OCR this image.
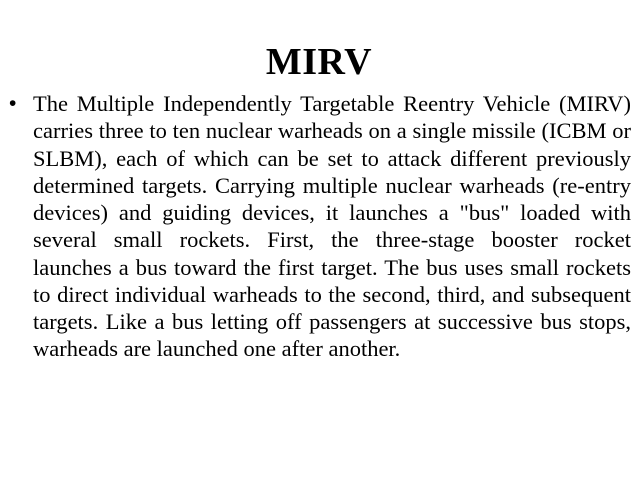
MIRV
• The Multiple Independently Targetable Reentry Vehicle (MIRV) carries three to ten nuclear warheads on a single missile (ICBM or SLBM), each of which can be set to attack different previously determined targets. Carrying multiple nuclear warheads (re-entry devices) and guiding devices, it launches a "bus" loaded with several small rockets. First, the three-stage booster rocket launches a bus toward the first target. The bus uses small rockets to direct individual warheads to the second, third, and subsequent targets. Like a bus letting off passengers at successive bus stops, warheads are launched one after another.
